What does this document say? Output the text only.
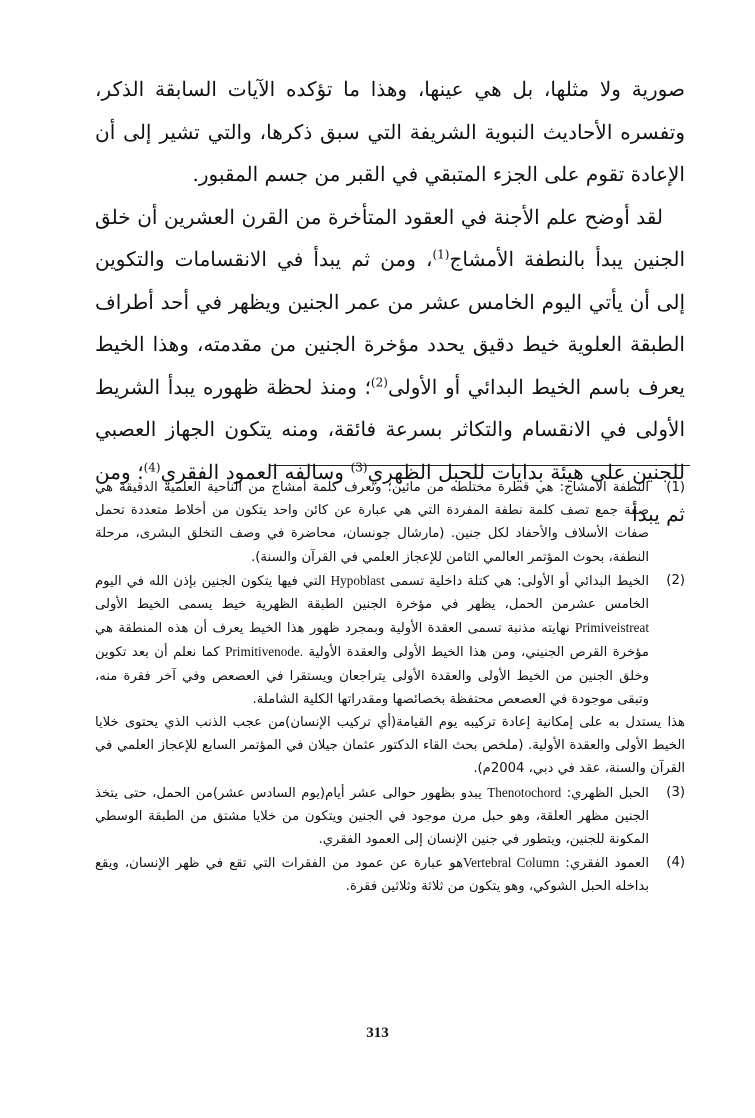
صورية ولا مثلها، بل هي عينها، وهذا ما تؤكده الآيات السابقة الذكر، وتفسره الأحاديث النبوية الشريفة التي سبق ذكرها، والتي تشير إلى أن الإعادة تقوم على الجزء المتبقي في القبر من جسم المقبور.

لقد أوضح علم الأجنة في العقود المتأخرة من القرن العشرين أن خلق الجنين يبدأ بالنطفة الأمشاج$^{(1)}$، ومن ثم يبدأ في الانقسامات والتكوين إلى أن يأتي اليوم الخامس عشر من عمر الجنين ويظهر في أحد أطراف الطبقة العلوية خيط دقيق يحدد مؤخرة الجنين من مقدمته، وهذا الخيط يعرف باسم الخيط البدائي أو الأولى$^{(2)}$؛ ومنذ لحظة ظهوره يبدأ الشريط الأولى في الانقسام والتكاثر بسرعة فائقة، ومنه يتكون الجهاز العصبي للجنين على هيئة بدايات للحبل الظهري$^{(3)}$ وسالفه العمود الفقري$^{(4)}$؛ ومن ثم يبدأ

(1)
النطفة الأمشاج: هي قطرة مختلطه من مائين؛ وتعرف كلمة أمشاج من الناحية العلمية الدقيقة هي صفة جمع تصف كلمة نطفة المفردة التي هي عبارة عن كائن واحد يتكون من أخلاط متعددة تحمل صفات الأسلاف والأحفاد لكل جنين. (مارشال جونسان، محاضرة في وصف التخلق البشرى، مرحلة النطفة، بحوث المؤتمر العالمي الثامن للإعجاز العلمي في القرآن والسنة).
(2)
الخيط البدائي أو الأولى: هي كتلة داخلية تسمى Hypoblast التي فيها يتكون الجنين بإذن الله في اليوم الخامس عشرمن الحمل، يظهر في مؤخرة الجنين الطبقة الظهرية خيط يسمى الخيط الأولى Primiveistreat نهايته مذنبة تسمى العقدة الأولية وبمجرد ظهور هذا الخيط يعرف أن هذه المنطقة هي مؤخرة القرص الجنيني، ومن هذا الخيط الأولى والعقدة الأولية Primitivenode. كما نعلم أن بعد تكوين وخلق الجنين من الخيط الأولى والعقدة الأولى يتراجعان ويستقرا في العصعص وفي آخر فقرة منه، وتبقى موجودة في العصعص محتفظة بخصائصها ومقدراتها الكلية الشاملة.
هذا يستدل به على إمكانية إعادة تركيبه يوم القيامة(أي تركيب الإنسان)من عجب الذنب الذي يحتوى خلايا الخيط الأولى والعقدة الأولية. (ملخص بحث القاء الدكتور عثمان جيلان في المؤتمر السابع للإعجاز العلمي في القرآن والسنة، عقد في دبي، 2004م).
(3)
الحبل الظهري: Thenotochord يبدو بظهور حوالى عشر أيام(يوم السادس عشر)من الحمل، حتى يتخذ الجنين مظهر العلقة، وهو حبل مرن موجود في الجنين ويتكون من خلايا مشتق من الطبقة الوسطي المكونة للجنين، ويتطور في جنين الإنسان إلى العمود الفقري.
(4)
العمود الفقري: Vertebral Columnهو عبارة عن عمود من الفقرات التي تقع في ظهر الإنسان، ويقع بداخله الحبل الشوكي، وهو يتكون من ثلاثة وثلاثين فقرة.
313
